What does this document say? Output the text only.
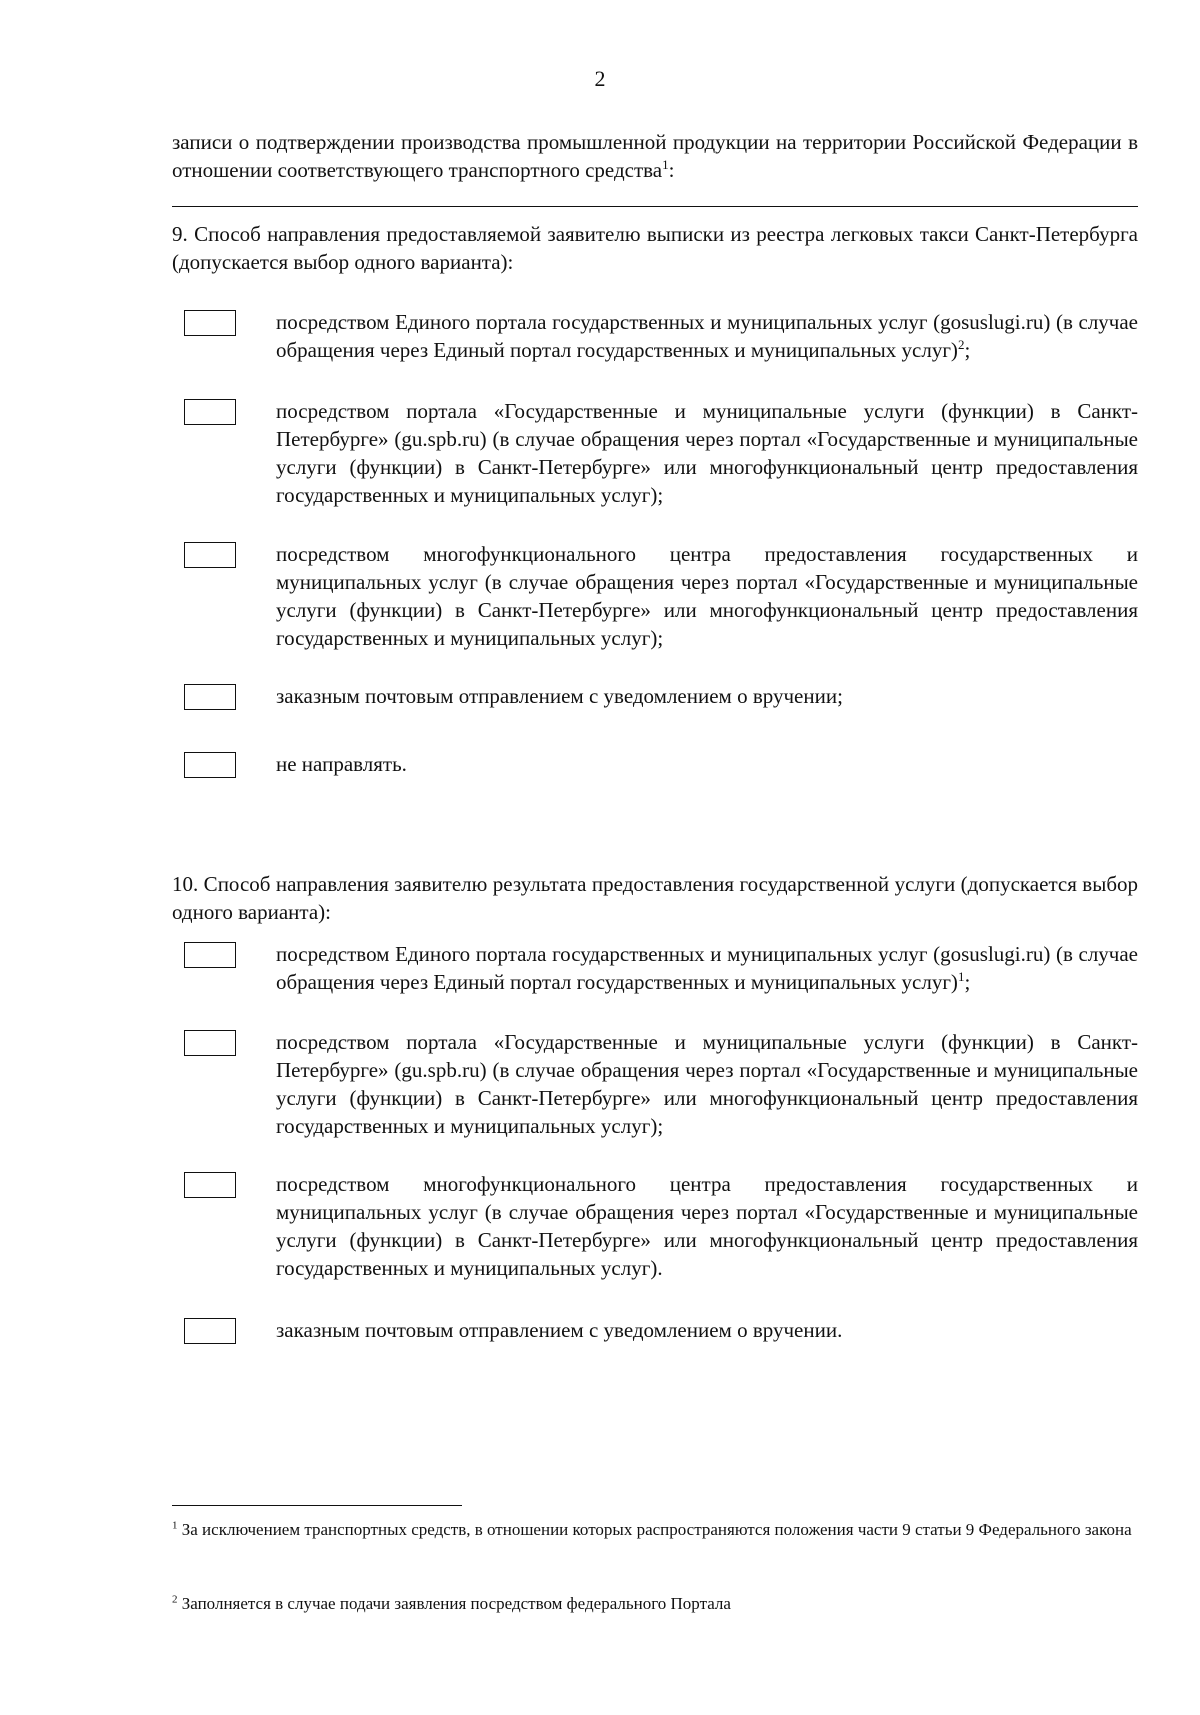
2

записи о подтверждении производства промышленной продукции на территории Российской Федерации в отношении соответствующего транспортного средства$^1$:

9. Способ направления предоставляемой заявителю выписки из реестра легковых такси Санкт-Петербурга (допускается выбор одного варианта):

посредством Единого портала государственных и муниципальных услуг (gosuslugi.ru) (в случае обращения через Единый портал государственных и муниципальных услуг)$^2$;

посредством портала «Государственные и муниципальные услуги (функции) в Санкт-Петербурге» (gu.spb.ru) (в случае обращения через портал «Государственные и муниципальные услуги (функции) в Санкт-Петербурге» или многофункциональный центр предоставления государственных и муниципальных услуг);

посредством многофункционального центра предоставления государственных и муниципальных услуг (в случае обращения через портал «Государственные и муниципальные услуги (функции) в Санкт-Петербурге» или многофункциональный центр предоставления государственных и муниципальных услуг);

заказным почтовым отправлением с уведомлением о вручении;

не направлять.

10. Способ направления заявителю результата предоставления государственной услуги (допускается выбор одного варианта):

посредством Единого портала государственных и муниципальных услуг (gosuslugi.ru) (в случае обращения через Единый портал государственных и муниципальных услуг)$^1$;

посредством портала «Государственные и муниципальные услуги (функции) в Санкт-Петербурге» (gu.spb.ru) (в случае обращения через портал «Государственные и муниципальные услуги (функции) в Санкт-Петербурге» или многофункциональный центр предоставления государственных и муниципальных услуг);

посредством многофункционального центра предоставления государственных и муниципальных услуг (в случае обращения через портал «Государственные и муниципальные услуги (функции) в Санкт-Петербурге» или многофункциональный центр предоставления государственных и муниципальных услуг).

заказным почтовым отправлением с уведомлением о вручении.

$^1$ За исключением транспортных средств, в отношении которых распространяются положения части 9 статьи 9 Федерального закона

$^2$ Заполняется в случае подачи заявления посредством федерального Портала
